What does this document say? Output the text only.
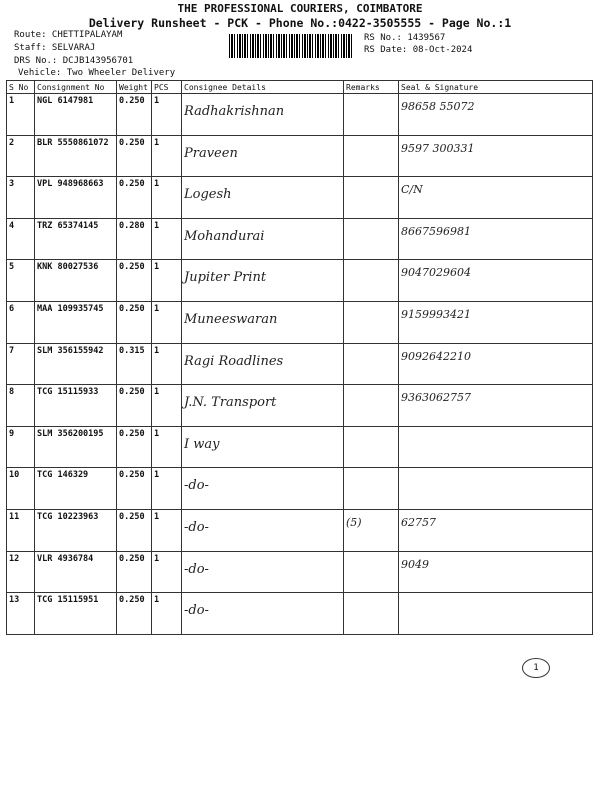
THE PROFESSIONAL COURIERS, COIMBATORE
Delivery Runsheet - PCK - Phone No.:0422-3505555 - Page No.:1
Route: CHETTIPALAYAM
Staff: SELVARAJ
DRS No.: DCJB143956701
Vehicle: Two Wheeler Delivery
RS No.: 1439567
RS Date: 08-Oct-2024
S No	Consignment No	Weight	PCS	Consignee Details	Remarks	Seal & Signature
1	NGL 6147981	0.250	1	Radhakrishnan		98658 55072

2	BLR 5550861072	0.250	1	Praveen		9597 300331

3	VPL 948968663	0.250	1	Logesh		C/N

4	TRZ 65374145	0.280	1	Mohandurai		8667596981

5	KNK 80027536	0.250	1	Jupiter Print		9047029604

6	MAA 109935745	0.250	1	Muneeswaran		9159993421

7	SLM 356155942	0.315	1	Ragi Roadlines		9092642210

8	TCG 15115933	0.250	1	J.N. Transport		9363062757

9	SLM 356200195	0.250	1	I way		

10	TCG 146329	0.250	1	-do-		

11	TCG 10223963	0.250	1	-do-	(5)	62757

12	VLR 4936784	0.250	1	-do-		9049

13	TCG 15115951	0.250	1	-do-		

1
